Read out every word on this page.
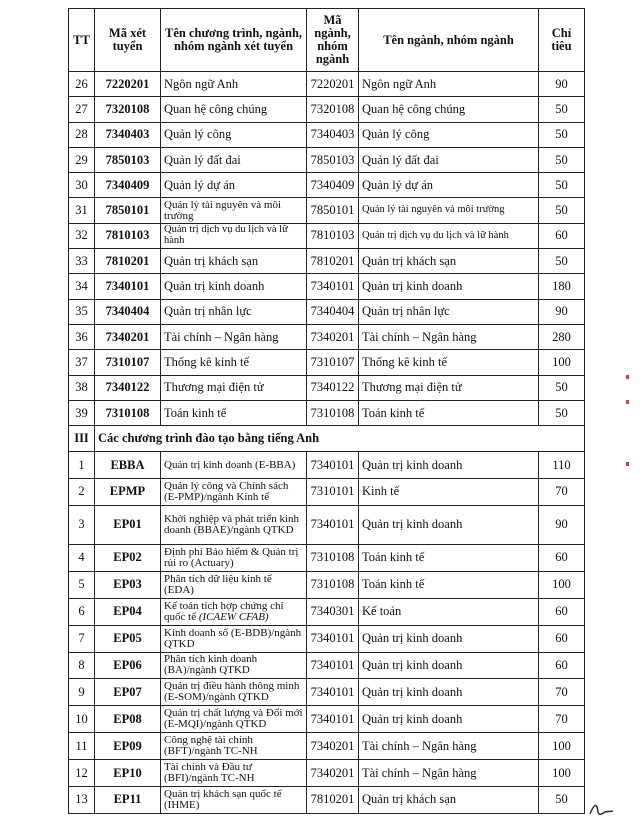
TT	Mã xét tuyển	Tên chương trình, ngành, nhóm ngành xét tuyển	Mã ngành, nhóm ngành	Tên ngành, nhóm ngành	Chỉ tiêu
26	7220201	Ngôn ngữ Anh	7220201	Ngôn ngữ Anh	90
27	7320108	Quan hệ công chúng	7320108	Quan hệ công chúng	50
28	7340403	Quản lý công	7340403	Quản lý công	50
29	7850103	Quản lý đất đai	7850103	Quản lý đất đai	50
30	7340409	Quản lý dự án	7340409	Quản lý dự án	50
31	7850101	Quản lý tài nguyên và môi trường	7850101	Quản lý tài nguyên và môi trường	50
32	7810103	Quản trị dịch vụ du lịch và lữ hành	7810103	Quản trị dịch vụ du lịch và lữ hành	60
33	7810201	Quản trị khách sạn	7810201	Quản trị khách sạn	50
34	7340101	Quản trị kinh doanh	7340101	Quản trị kinh doanh	180
35	7340404	Quản trị nhân lực	7340404	Quản trị nhân lực	90
36	7340201	Tài chính – Ngân hàng	7340201	Tài chính – Ngân hàng	280
37	7310107	Thống kê kinh tế	7310107	Thống kê kinh tế	100
38	7340122	Thương mại điện tử	7340122	Thương mại điện tử	50
39	7310108	Toán kinh tế	7310108	Toán kinh tế	50
III	Các chương trình đào tạo bằng tiếng Anh				
1	EBBA	Quản trị kinh doanh (E-BBA)	7340101	Quản trị kinh doanh	110
2	EPMP	Quản lý công và Chính sách (E-PMP)/ngành Kinh tế	7310101	Kinh tế	70
3	EP01	Khởi nghiệp và phát triển kinh doanh (BBAE)/ngành QTKD	7340101	Quản trị kinh doanh	90
4	EP02	Định phí Bảo hiểm & Quản trị rủi ro (Actuary)	7310108	Toán kinh tế	60
5	EP03	Phân tích dữ liệu kinh tế (EDA)	7310108	Toán kinh tế	100
6	EP04	Kế toán tích hợp chứng chỉ quốc tế (ICAEW CFAB)	7340301	Kế toán	60
7	EP05	Kinh doanh số (E-BDB)/ngành QTKD	7340101	Quản trị kinh doanh	60
8	EP06	Phân tích kinh doanh (BA)/ngành QTKD	7340101	Quản trị kinh doanh	60
9	EP07	Quản trị điều hành thông minh (E-SOM)/ngành QTKD	7340101	Quản trị kinh doanh	70
10	EP08	Quản trị chất lượng và Đổi mới (E-MQI)/ngành QTKD	7340101	Quản trị kinh doanh	70
11	EP09	Công nghệ tài chính (BFT)/ngành TC-NH	7340201	Tài chính – Ngân hàng	100
12	EP10	Tài chính và Đầu tư (BFI)/ngành TC-NH	7340201	Tài chính – Ngân hàng	100
13	EP11	Quản trị khách sạn quốc tế (IHME)	7810201	Quản trị khách sạn	50
